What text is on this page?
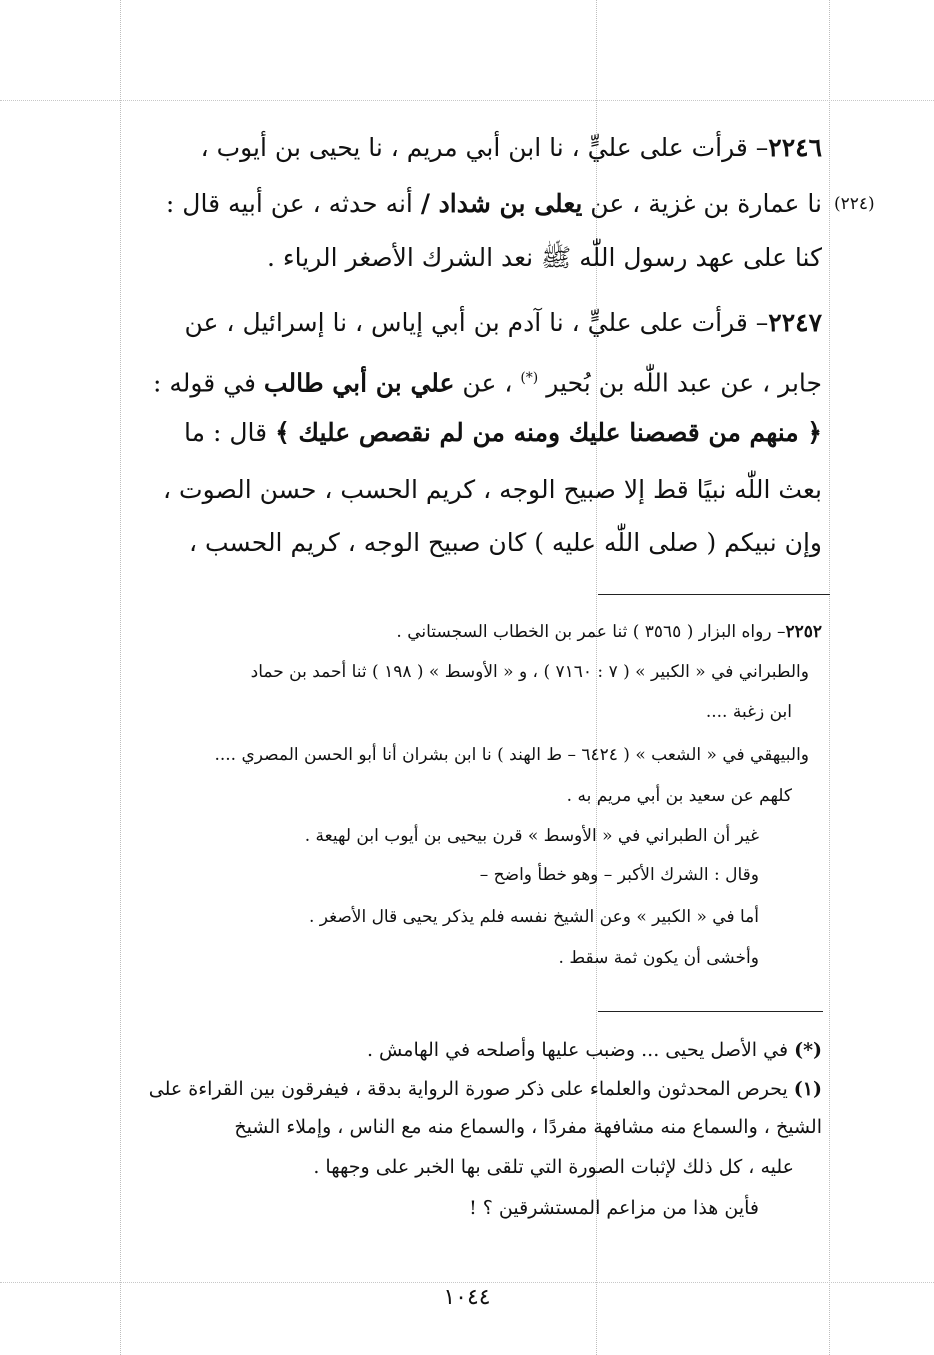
٢٢٤٦– قرأت على عليٍّ ، نا ابن أبي مريم ، نا يحيى بن أيوب ،
(٢٢٤)
نا عمارة بن غزية ، عن يعلى بن شداد / أنه حدثه ، عن أبيه قال :
كنا على عهد رسول اللّٰه ﷺ نعد الشرك الأصغر الرياء .
٢٢٤٧– قرأت على عليٍّ ، نا آدم بن أبي إياس ، نا إسرائيل ، عن
جابر ، عن عبد اللّٰه بن بُحير (*) ، عن علي بن أبي طالب في قوله :
﴿ منهم من قصصنا عليك ومنه من لم نقصص عليك ﴾ قال : ما
بعث اللّٰه نبيًا قط إلا صبيح الوجه ، كريم الحسب ، حسن الصوت ،
وإن نبيكم ( صلى اللّٰه عليه ) كان صبيح الوجه ، كريم الحسب ،
٢٢٥٢– رواه البزار ( ٣٥٦٥ ) ثنا عمر بن الخطاب السجستاني .
والطبراني في « الكبير » ( ٧ : ٧١٦٠ ) ، و « الأوسط » ( ١٩٨ ) ثنا أحمد بن حماد
ابن زغبة ....
والبيهقي في « الشعب » ( ٦٤٢٤ – ط الهند ) نا ابن بشران أنا أبو الحسن المصري ....
كلهم عن سعيد بن أبي مريم به .
غير أن الطبراني في « الأوسط » قرن بيحيى بن أيوب ابن لهيعة .
وقال : الشرك الأكبر – وهو خطأ واضح –
أما في « الكبير » وعن الشيخ نفسه فلم يذكر يحيى قال الأصغر .
وأخشى أن يكون ثمة سقط .
(*) في الأصل يحيى ... وضبب عليها وأصلحه في الهامش .
(١) يحرص المحدثون والعلماء على ذكر صورة الرواية بدقة ، فيفرقون بين القراءة على
الشيخ ، والسماع منه مشافهة مفردًا ، والسماع منه مع الناس ، وإملاء الشيخ
عليه ، كل ذلك لإثبات الصورة التي تلقى بها الخبر على وجهها .
فأين هذا من مزاعم المستشرقين ؟ !
١٠٤٤
